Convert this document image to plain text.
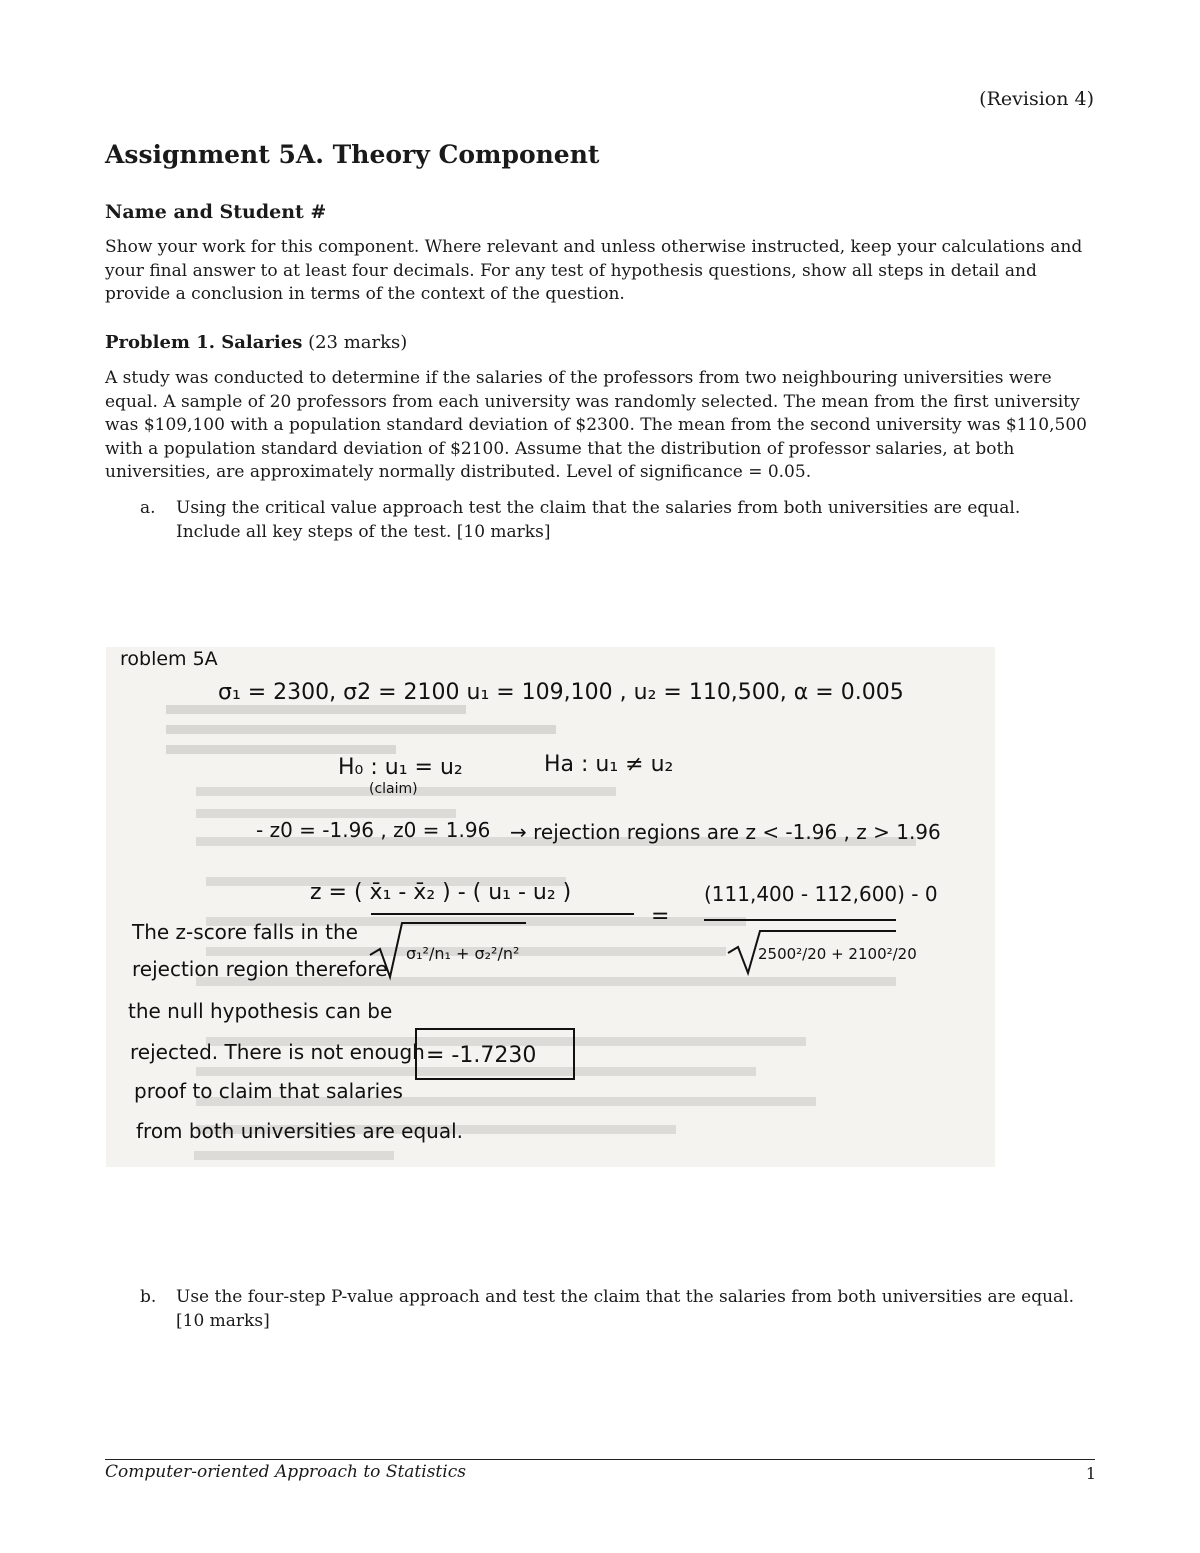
(Revision 4)
Assignment 5A. Theory Component
Name and Student #

Show your work for this component. Where relevant and unless otherwise instructed, keep your calculations and your final answer to at least four decimals. For any test of hypothesis questions, show all steps in detail and provide a conclusion in terms of the context of the question.

Problem 1. Salaries (23 marks)

A study was conducted to determine if the salaries of the professors from two neighbouring universities were equal. A sample of 20 professors from each university was randomly selected. The mean from the first university was $109,100 with a population standard deviation of $2300. The mean from the second university was $110,500 with a population standard deviation of $2100. Assume that the distribution of professor salaries, at both universities, are approximately normally distributed. Level of significance = 0.05.

a. Using the critical value approach test the claim that the salaries from both universities are equal. Include all key steps of the test. [10 marks]
roblem 5A
σ₁ = 2300, σ2 = 2100 u₁ = 109,100 , u₂ = 110,500, α = 0.005
H₀ : u₁ = u₂
(claim)
Ha : u₁ ≠ u₂
- z0 = -1.96 , z0 = 1.96 → rejection regions are z < -1.96 , z > 1.96
z = ( x̄₁ - x̄₂ ) - ( u₁ - u₂ )
=
(111,400 - 112,600) - 0
σ₁²/n₁ + σ₂²/n²	2500²/20 + 2100²/20
= -1.7230
The z-score falls in the
rejection region therefore
the null hypothesis can be
rejected. There is not enough
proof to claim that salaries
from both universities are equal.
b. Use the four-step P-value approach and test the claim that the salaries from both universities are equal. [10 marks]
Computer-oriented Approach to Statistics	1
